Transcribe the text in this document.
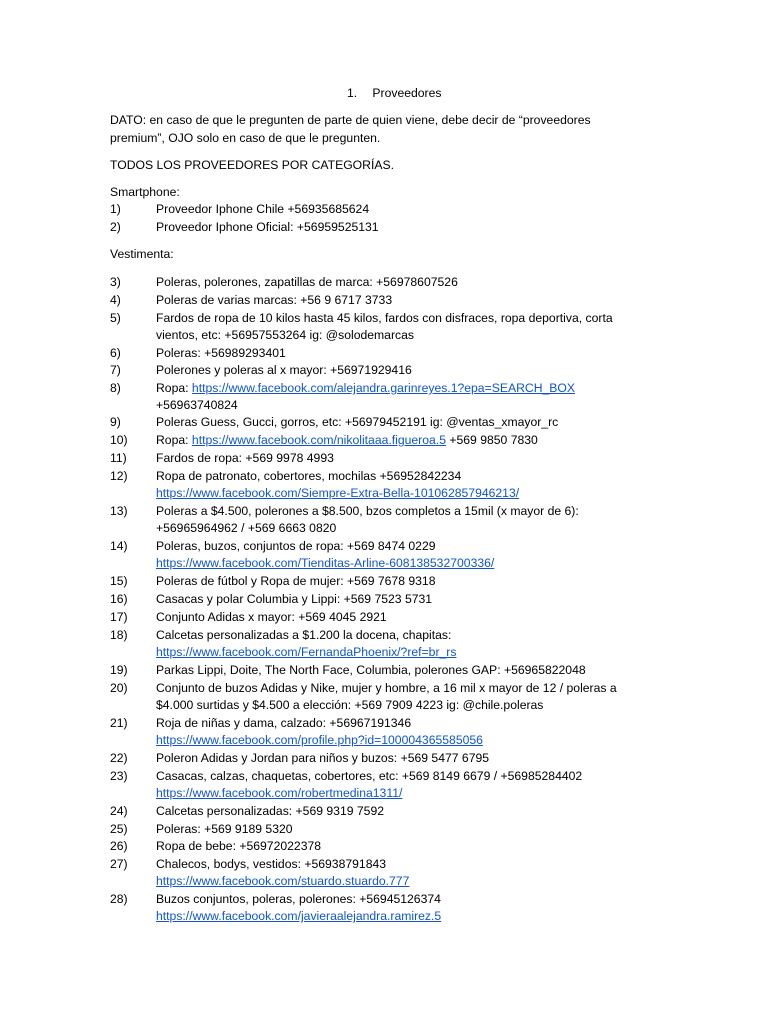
1. Proveedores
DATO: en caso de que le pregunten de parte de quien viene, debe decir de “proveedores
premium”, OJO solo en caso de que le pregunten.
TODOS LOS PROVEEDORES POR CATEGORÍAS.
Smartphone:
1)	Proveedor Iphone Chile +56935685624
2)	Proveedor Iphone Oficial: +56959525131
Vestimenta:
3)	Poleras, polerones, zapatillas de marca: +56978607526
4)	Poleras de varias marcas: +56 9 6717 3733
5)	Fardos de ropa de 10 kilos hasta 45 kilos, fardos con disfraces, ropa deportiva, corta
vientos, etc: +56957553264 ig: @solodemarcas
6)	Poleras: +56989293401
7)	Polerones y poleras al x mayor: +56971929416
8)	Ropa: https://www.facebook.com/alejandra.garinreyes.1?epa=SEARCH_BOX
+56963740824
9)	Poleras Guess, Gucci, gorros, etc: +56979452191 ig: @ventas_xmayor_rc
10) Ropa: https://www.facebook.com/nikolitaaa.figueroa.5 +569 9850 7830
11) Fardos de ropa: +569 9978 4993
12) Ropa de patronato, cobertores, mochilas +56952842234
https://www.facebook.com/Siempre-Extra-Bella-101062857946213/
13) Poleras a $4.500, polerones a $8.500, bzos completos a 15mil (x mayor de 6):
+56965964962 / +569 6663 0820
14) Poleras, buzos, conjuntos de ropa: +569 8474 0229
https://www.facebook.com/Tienditas-Arline-608138532700336/
15) Poleras de fútbol y Ropa de mujer: +569 7678 9318
16) Casacas y polar Columbia y Lippi: +569 7523 5731
17) Conjunto Adidas x mayor: +569 4045 2921
18) Calcetas personalizadas a $1.200 la docena, chapitas:
https://www.facebook.com/FernandaPhoenix/?ref=br_rs
19) Parkas Lippi, Doite, The North Face, Columbia, polerones GAP: +56965822048
20) Conjunto de buzos Adidas y Nike, mujer y hombre, a 16 mil x mayor de 12 / poleras a
$4.000 surtidas y $4.500 a elección: +569 7909 4223 ig: @chile.poleras
21) Roja de niñas y dama, calzado: +56967191346
https://www.facebook.com/profile.php?id=100004365585056
22) Poleron Adidas y Jordan para niños y buzos: +569 5477 6795
23) Casacas, calzas, chaquetas, cobertores, etc: +569 8149 6679 / +56985284402
https://www.facebook.com/robertmedina1311/
24) Calcetas personalizadas: +569 9319 7592
25) Poleras: +569 9189 5320
26) Ropa de bebe: +56972022378
27) Chalecos, bodys, vestidos: +56938791843
https://www.facebook.com/stuardo.stuardo.777
28) Buzos conjuntos, poleras, polerones: +56945126374
https://www.facebook.com/javieraalejandra.ramirez.5
